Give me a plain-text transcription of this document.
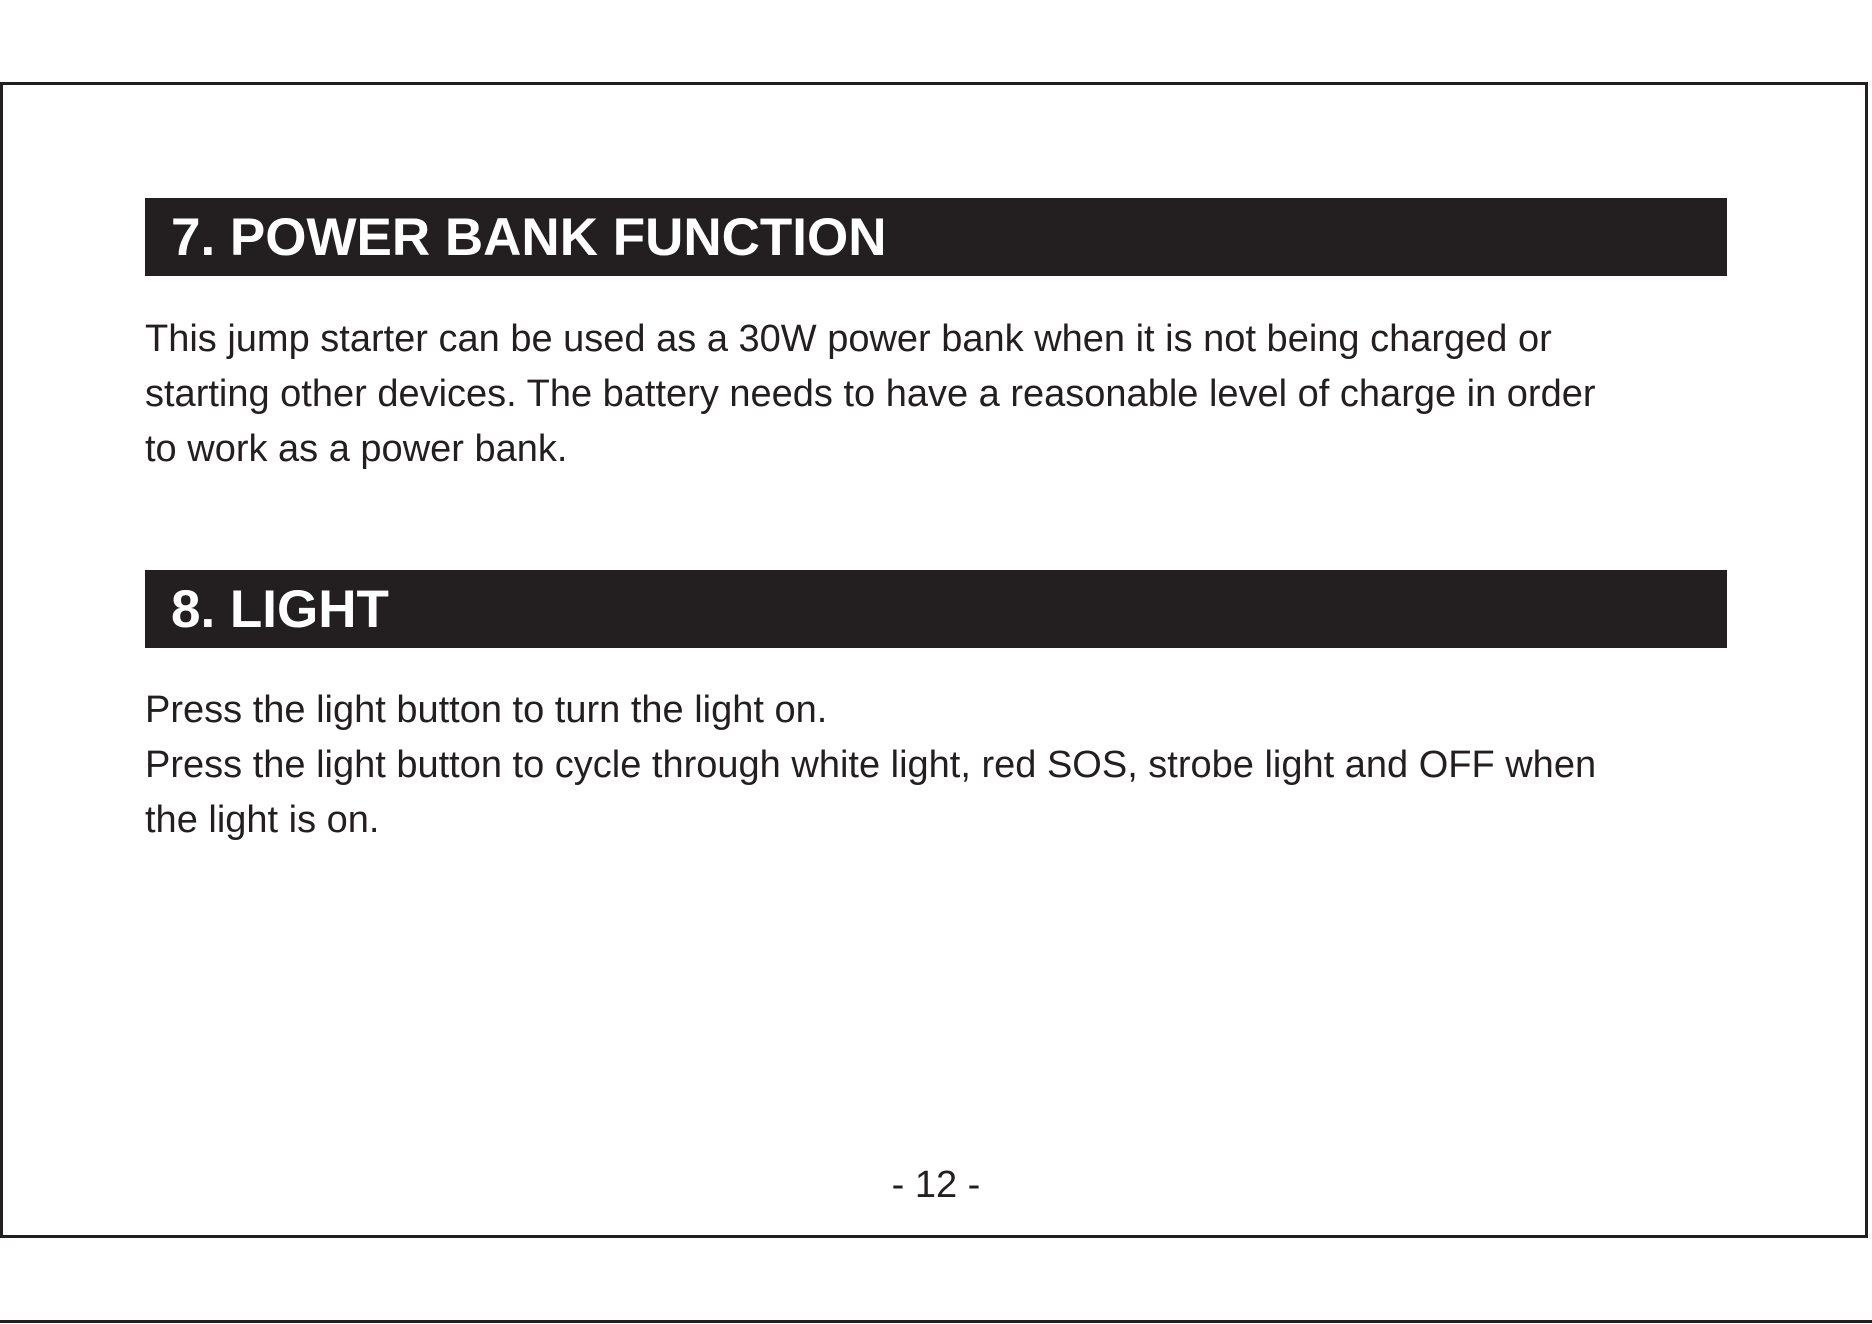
7. POWER BANK FUNCTION
This jump starter can be used as a 30W power bank when it is not being charged or
starting other devices. The battery needs to have a reasonable level of charge in order
to work as a power bank.
8. LIGHT
Press the light button to turn the light on.
Press the light button to cycle through white light, red SOS, strobe light and OFF when
the light is on.
- 12 -
